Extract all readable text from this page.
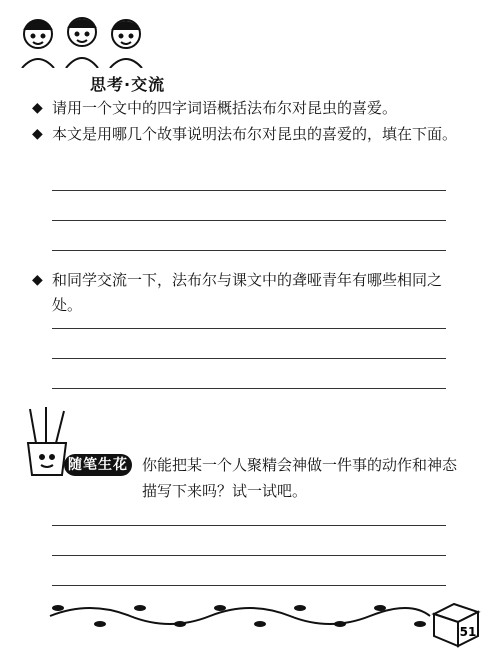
思考·交流
◆ 请用一个文中的四字词语概括法布尔对昆虫的喜爱。
◆ 本文是用哪几个故事说明法布尔对昆虫的喜爱的，填在下面。
◆ 和同学交流一下，法布尔与课文中的聋哑青年有哪些相同之处。
随笔生花 你能把某一个人聚精会神做一件事的动作和神态描写下来吗？试一试吧。
51
